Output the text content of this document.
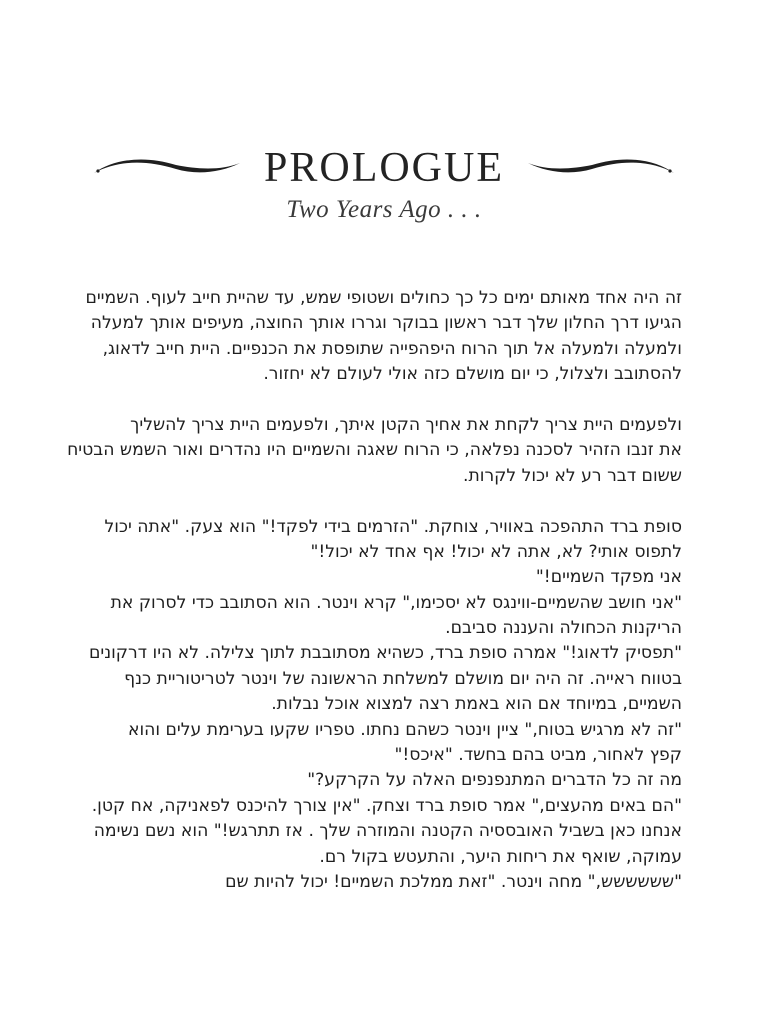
PROLOGUE
Two Years Ago . . .
זה היה אחד מאותם ימים כל כך כחולים ושטופי שמש, עד שהיית חייב לעוף. השמיים
הגיעו דרך החלון שלך דבר ראשון בבוקר וגררו אותך החוצה, מעיפים אותך למעלה
ולמעלה ולמעלה אל תוך הרוח היפהפייה שתופסת את הכנפיים. היית חייב לדאוג,
להסתובב ולצלול, כי יום מושלם כזה אולי לעולם לא יחזור.
ולפעמים היית צריך לקחת את אחיך הקטן איתך, ולפעמים היית צריך להשליך
את זנבו הזהיר לסכנה נפלאה, כי הרוח שאגה והשמיים היו נהדרים ואור השמש הבטיח
ששום דבר רע לא יכול לקרות.
סופת ברד התהפכה באוויר, צוחקת. "הזרמים בידי לפקד!" הוא צעק. "אתה יכול
לתפוס אותי? לא, אתה לא יכול! אף אחד לא יכול!"
אני מפקד השמיים!"
"אני חושב שהשמיים-ווינגס לא יסכימו," קרא וינטר. הוא הסתובב כדי לסרוק את
הריקנות הכחולה והעננה סביבם.
"תפסיק לדאוג!" אמרה סופת ברד, כשהיא מסתובבת לתוך צלילה. לא היו דרקונים
בטווח ראייה. זה היה יום מושלם למשלחת הראשונה של וינטר לטריטוריית כנף
השמיים, במיוחד אם הוא באמת רצה למצוא אוכל נבלות.
"זה לא מרגיש בטוח," ציין וינטר כשהם נחתו. טפריו שקעו בערימת עלים והוא
קפץ לאחור, מביט בהם בחשד. "איכס!"
מה זה כל הדברים המתנפנפים האלה על הקרקע?"
"הם באים מהעצים," אמר סופת ברד וצחק. "אין צורך להיכנס לפאניקה, אח קטן.
אנחנו כאן בשביל האובססיה הקטנה והמוזרה שלך . אז תתרגש!" הוא נשם נשימה
עמוקה, שואף את ריחות היער, והתעטש בקול רם.
"שששששש," מחה וינטר. "זאת ממלכת השמיים! יכול להיות שם
